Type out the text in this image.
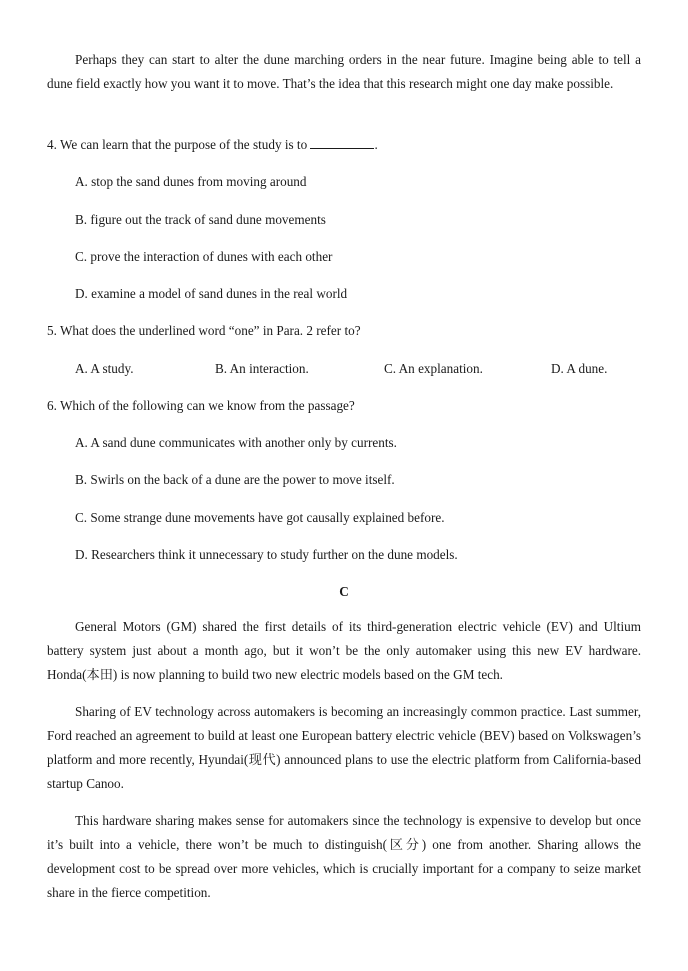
Perhaps they can start to alter the dune marching orders in the near future. Imagine being able to tell a dune field exactly how you want it to move. That’s the idea that this research might one day make possible.

4. We can learn that the purpose of the study is to	.

A. stop the sand dunes from moving around

B. figure out the track of sand dune movements

C. prove the interaction of dunes with each other

D. examine a model of sand dunes in the real world

5. What does the underlined word “one” in Para. 2 refer to?

A. A study.	B. An interaction.	C. An explanation.	D. A dune.

6. Which of the following can we know from the passage?

A. A sand dune communicates with another only by currents.

B. Swirls on the back of a dune are the power to move itself.

C. Some strange dune movements have got causally explained before.

D. Researchers think it unnecessary to study further on the dune models.

C

General Motors (GM) shared the first details of its third-generation electric vehicle (EV) and Ultium battery system just about a month ago, but it won’t be the only automaker using this new EV hardware. Honda(本田) is now planning to build two new electric models based on the GM tech.

Sharing of EV technology across automakers is becoming an increasingly common practice. Last summer, Ford reached an agreement to build at least one European battery electric vehicle (BEV) based on Volkswagen’s platform and more recently, Hyundai(现代) announced plans to use the electric platform from California-based startup Canoo.

This hardware sharing makes sense for automakers since the technology is expensive to develop but once it’s built into a vehicle, there won’t be much to distinguish(区分) one from another. Sharing allows the development cost to be spread over more vehicles, which is crucially important for a company to seize market share in the fierce competition.
